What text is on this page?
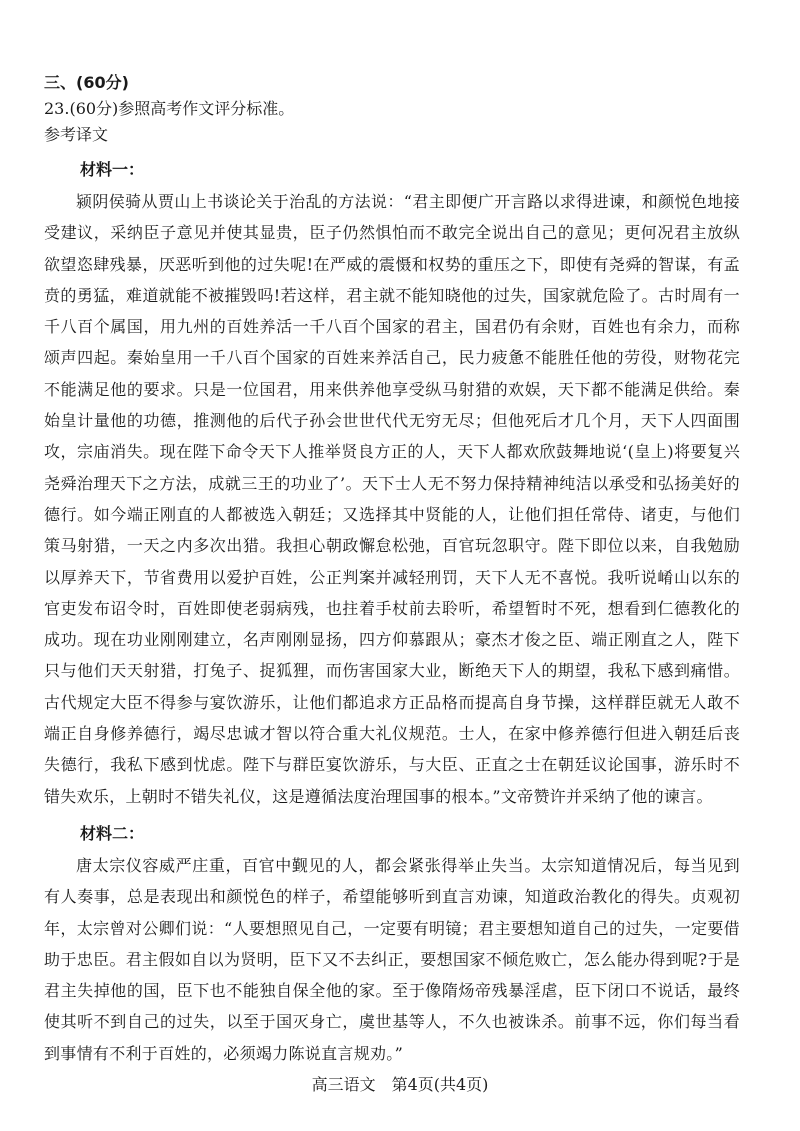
三、(60分)

23.(60分)参照高考作文评分标准。

参考译文

材料一：

颍阴侯骑从贾山上书谈论关于治乱的方法说：“君主即便广开言路以求得进谏，和颜悦色地接受建议，采纳臣子意见并使其显贵，臣子仍然惧怕而不敢完全说出自己的意见；更何况君主放纵欲望恣肆残暴，厌恶听到他的过失呢!在严威的震慑和权势的重压之下，即使有尧舜的智谋，有孟贲的勇猛，难道就能不被摧毁吗!若这样，君主就不能知晓他的过失，国家就危险了。古时周有一千八百个属国，用九州的百姓养活一千八百个国家的君主，国君仍有余财，百姓也有余力，而称颂声四起。秦始皇用一千八百个国家的百姓来养活自己，民力疲惫不能胜任他的劳役，财物花完不能满足他的要求。只是一位国君，用来供养他享受纵马射猎的欢娱，天下都不能满足供给。秦始皇计量他的功德，推测他的后代子孙会世世代代无穷无尽；但他死后才几个月，天下人四面围攻，宗庙消失。现在陛下命令天下人推举贤良方正的人，天下人都欢欣鼓舞地说‘(皇上)将要复兴尧舜治理天下之方法，成就三王的功业了’。天下士人无不努力保持精神纯洁以承受和弘扬美好的德行。如今端正刚直的人都被选入朝廷；又选择其中贤能的人，让他们担任常侍、诸吏，与他们策马射猎，一天之内多次出猎。我担心朝政懈怠松弛，百官玩忽职守。陛下即位以来，自我勉励以厚养天下，节省费用以爱护百姓，公正判案并减轻刑罚，天下人无不喜悦。我听说崤山以东的官吏发布诏令时，百姓即使老弱病残，也拄着手杖前去聆听，希望暂时不死，想看到仁德教化的成功。现在功业刚刚建立，名声刚刚显扬，四方仰慕跟从；豪杰才俊之臣、端正刚直之人，陛下只与他们天天射猎，打兔子、捉狐狸，而伤害国家大业，断绝天下人的期望，我私下感到痛惜。古代规定大臣不得参与宴饮游乐，让他们都追求方正品格而提高自身节操，这样群臣就无人敢不端正自身修养德行，竭尽忠诚才智以符合重大礼仪规范。士人，在家中修养德行但进入朝廷后丧失德行，我私下感到忧虑。陛下与群臣宴饮游乐，与大臣、正直之士在朝廷议论国事，游乐时不错失欢乐，上朝时不错失礼仪，这是遵循法度治理国事的根本。”文帝赞许并采纳了他的谏言。

材料二：

唐太宗仪容威严庄重，百官中觐见的人，都会紧张得举止失当。太宗知道情况后，每当见到有人奏事，总是表现出和颜悦色的样子，希望能够听到直言劝谏，知道政治教化的得失。贞观初年，太宗曾对公卿们说：“人要想照见自己，一定要有明镜；君主要想知道自己的过失，一定要借助于忠臣。君主假如自以为贤明，臣下又不去纠正，要想国家不倾危败亡，怎么能办得到呢?于是君主失掉他的国，臣下也不能独自保全他的家。至于像隋炀帝残暴淫虐，臣下闭口不说话，最终使其听不到自己的过失，以至于国灭身亡，虞世基等人，不久也被诛杀。前事不远，你们每当看到事情有不利于百姓的，必须竭力陈说直言规劝。”

高三语文　第4页(共4页)
